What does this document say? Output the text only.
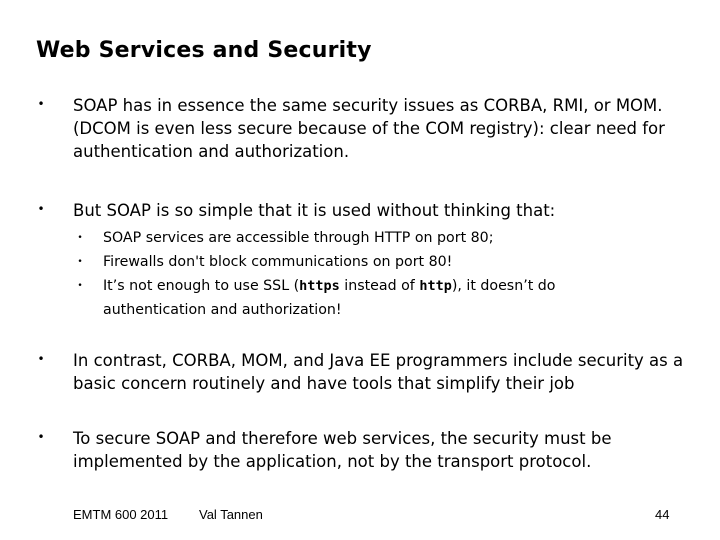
Web Services and Security
• SOAP has in essence the same security issues as CORBA, RMI, or MOM.
(DCOM is even less secure because of the COM registry): clear need for
authentication and authorization.
• But SOAP is so simple that it is used without thinking that:
• SOAP services are accessible through HTTP on port 80;
• Firewalls don't block communications on port 80!
• It’s not enough to use SSL (https instead of http), it doesn’t do
authentication and authorization!
• In contrast, CORBA, MOM, and Java EE programmers include security as a
basic concern routinely and have tools that simplify their job
• To secure SOAP and therefore web services, the security must be
implemented by the application, not by the transport protocol.
EMTM 600 2011 Val Tannen	44
